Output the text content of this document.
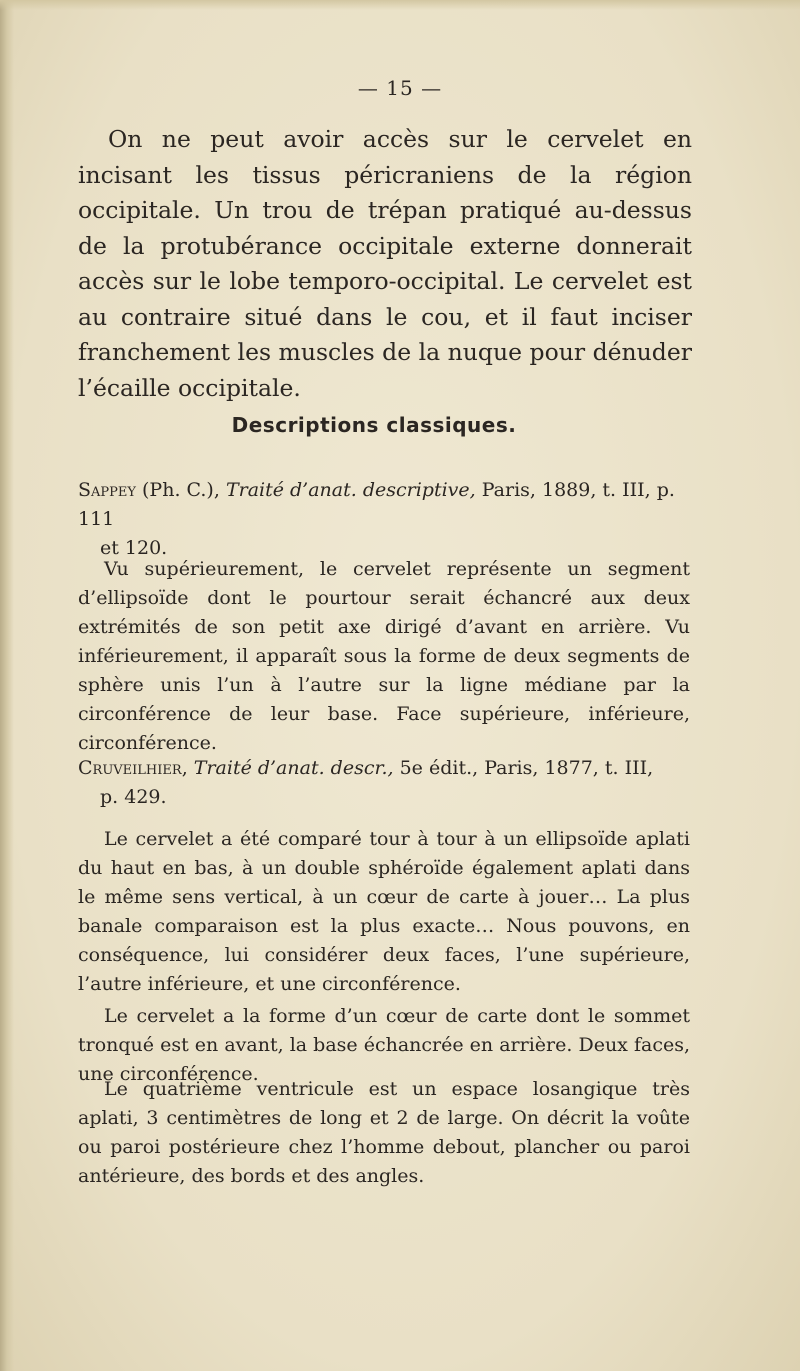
— 15 —

On ne peut avoir accès sur le cervelet en incisant les tissus péricraniens de la région occipitale. Un trou de trépan pratiqué au-dessus de la protubérance occipitale externe donnerait accès sur le lobe temporo-occipital. Le cervelet est au contraire situé dans le cou, et il faut inciser franchement les muscles de la nuque pour dénuder l’écaille occipitale.

Descriptions classiques.

Sappey (Ph. C.), Traité d’anat. descriptive, Paris, 1889, t. III, p. 111
et 120.

Vu supérieurement, le cervelet représente un segment d’ellipsoïde dont le pourtour serait échancré aux deux extrémités de son petit axe dirigé d’avant en arrière. Vu inférieurement, il apparaît sous la forme de deux segments de sphère unis l’un à l’autre sur la ligne médiane par la circonférence de leur base. Face supérieure, inférieure, circonférence.

Cruveilhier, Traité d’anat. descr., 5e édit., Paris, 1877, t. III,
p. 429.

Le cervelet a été comparé tour à tour à un ellipsoïde aplati du haut en bas, à un double sphéroïde également aplati dans le même sens vertical, à un cœur de carte à jouer… La plus banale comparaison est la plus exacte… Nous pouvons, en conséquence, lui considérer deux faces, l’une supérieure, l’autre inférieure, et une circonférence.

Le cervelet a la forme d’un cœur de carte dont le sommet tronqué est en avant, la base échancrée en arrière. Deux faces, une circonférence.

Le quatrième ventricule est un espace losangique très aplati, 3 centimètres de long et 2 de large. On décrit la voûte ou paroi postérieure chez l’homme debout, plancher ou paroi antérieure, des bords et des angles.
